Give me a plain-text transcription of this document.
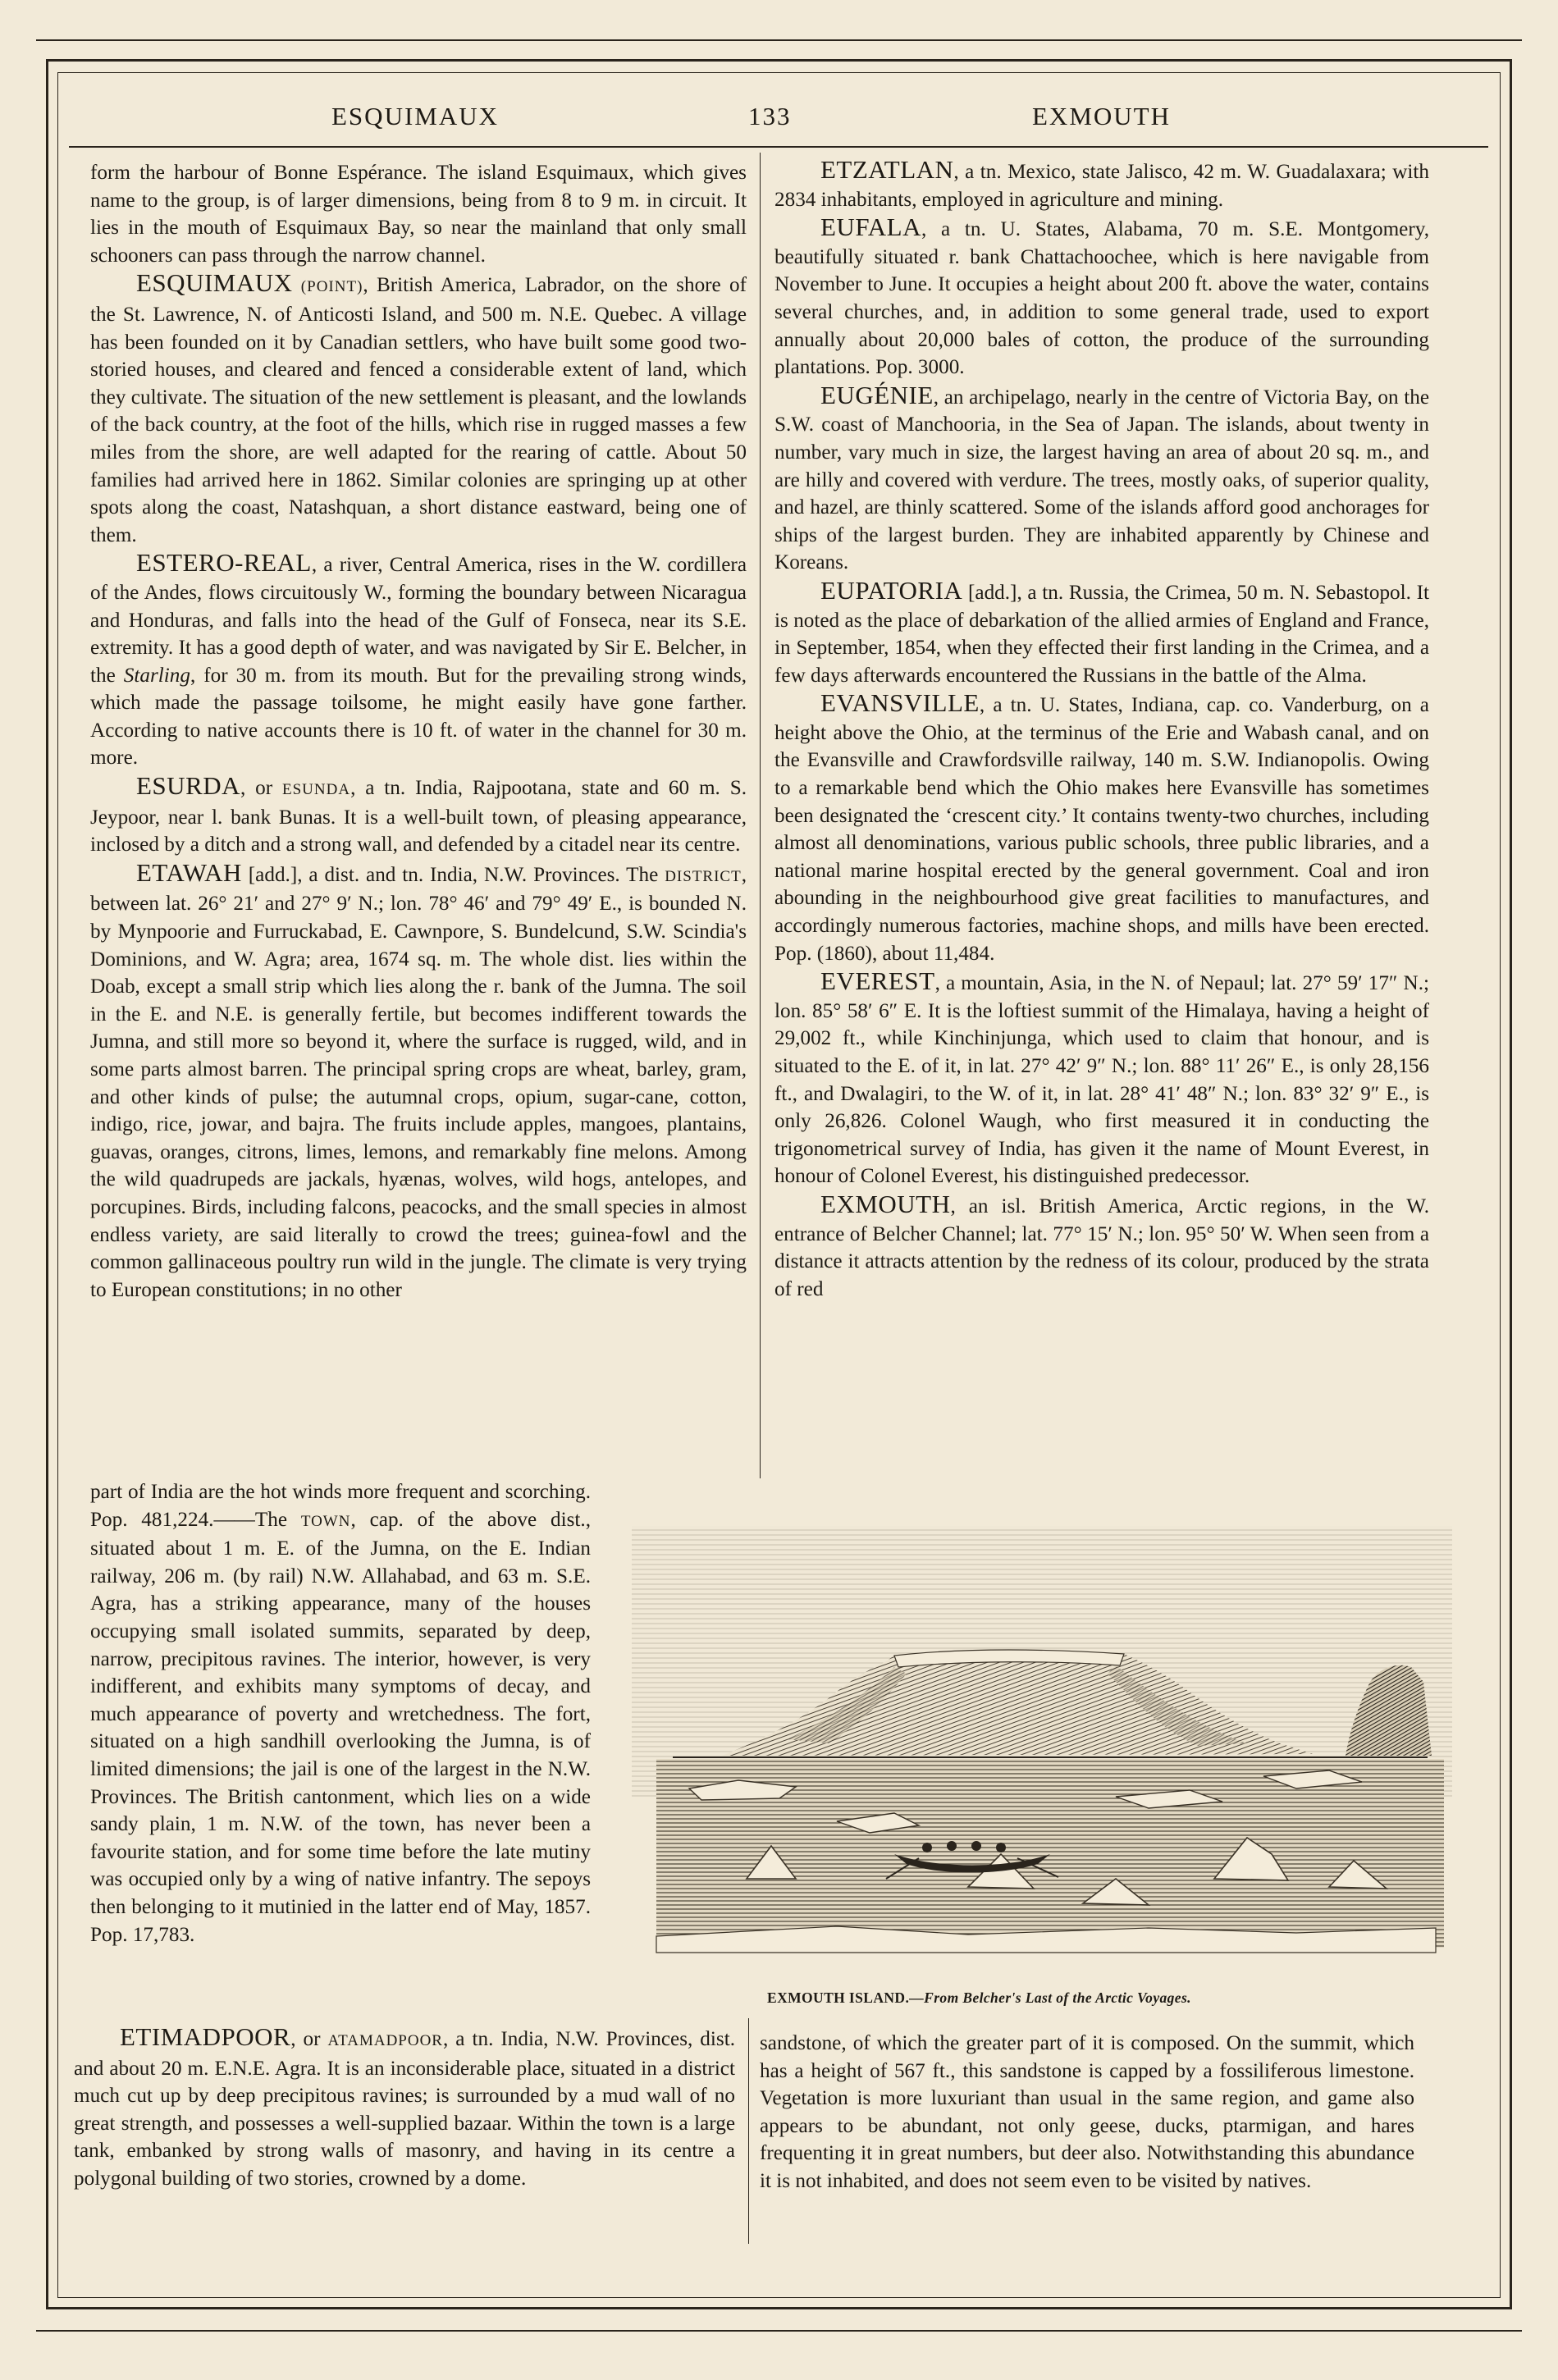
ESQUIMAUX	133	EXMOUTH

form the harbour of Bonne Espérance. The island Esquimaux, which gives name to the group, is of larger dimensions, being from 8 to 9 m. in circuit. It lies in the mouth of Esquimaux Bay, so near the mainland that only small schooners can pass through the narrow channel.

ESQUIMAUX (POINT), British America, Labrador, on the shore of the St. Lawrence, N. of Anticosti Island, and 500 m. N.E. Quebec. A village has been founded on it by Canadian settlers, who have built some good two-storied houses, and cleared and fenced a considerable extent of land, which they cultivate. The situation of the new settlement is pleasant, and the lowlands of the back country, at the foot of the hills, which rise in rugged masses a few miles from the shore, are well adapted for the rearing of cattle. About 50 families had arrived here in 1862. Similar colonies are springing up at other spots along the coast, Natashquan, a short distance eastward, being one of them.

ESTERO-REAL, a river, Central America, rises in the W. cordillera of the Andes, flows circuitously W., forming the boundary between Nicaragua and Honduras, and falls into the head of the Gulf of Fonseca, near its S.E. extremity. It has a good depth of water, and was navigated by Sir E. Belcher, in the Starling, for 30 m. from its mouth. But for the prevailing strong winds, which made the passage toilsome, he might easily have gone farther. According to native accounts there is 10 ft. of water in the channel for 30 m. more.

ESURDA, or ESUNDA, a tn. India, Rajpootana, state and 60 m. S. Jeypoor, near l. bank Bunas. It is a well-built town, of pleasing appearance, inclosed by a ditch and a strong wall, and defended by a citadel near its centre.

ETAWAH [add.], a dist. and tn. India, N.W. Provinces. The DISTRICT, between lat. 26° 21′ and 27° 9′ N.; lon. 78° 46′ and 79° 49′ E., is bounded N. by Mynpoorie and Furruckabad, E. Cawnpore, S. Bundelcund, S.W. Scindia's Dominions, and W. Agra; area, 1674 sq. m. The whole dist. lies within the Doab, except a small strip which lies along the r. bank of the Jumna. The soil in the E. and N.E. is generally fertile, but becomes indifferent towards the Jumna, and still more so beyond it, where the surface is rugged, wild, and in some parts almost barren. The principal spring crops are wheat, barley, gram, and other kinds of pulse; the autumnal crops, opium, sugar-cane, cotton, indigo, rice, jowar, and bajra. The fruits include apples, mangoes, plantains, guavas, oranges, citrons, limes, lemons, and remarkably fine melons. Among the wild quadrupeds are jackals, hyænas, wolves, wild hogs, antelopes, and porcupines. Birds, including falcons, peacocks, and the small species in almost endless variety, are said literally to crowd the trees; guinea-fowl and the common gallinaceous poultry run wild in the jungle. The climate is very trying to European constitutions; in no other

part of India are the hot winds more frequent and scorching. Pop. 481,224.——The TOWN, cap. of the above dist., situated about 1 m. E. of the Jumna, on the E. Indian railway, 206 m. (by rail) N.W. Allahabad, and 63 m. S.E. Agra, has a striking appearance, many of the houses occupying small isolated summits, separated by deep, narrow, precipitous ravines. The interior, however, is very indifferent, and exhibits many symptoms of decay, and much appearance of poverty and wretchedness. The fort, situated on a high sandhill overlooking the Jumna, is of limited dimensions; the jail is one of the largest in the N.W. Provinces. The British cantonment, which lies on a wide sandy plain, 1 m. N.W. of the town, has never been a favourite station, and for some time before the late mutiny was occupied only by a wing of native infantry. The sepoys then belonging to it mutinied in the latter end of May, 1857. Pop. 17,783.

ETIMADPOOR, or ATAMADPOOR, a tn. India, N.W. Provinces, dist. and about 20 m. E.N.E. Agra. It is an inconsiderable place, situated in a district much cut up by deep precipitous ravines; is surrounded by a mud wall of no great strength, and possesses a well-supplied bazaar. Within the town is a large tank, embanked by strong walls of masonry, and having in its centre a polygonal building of two stories, crowned by a dome.

ETZATLAN, a tn. Mexico, state Jalisco, 42 m. W. Guadalaxara; with 2834 inhabitants, employed in agriculture and mining.

EUFALA, a tn. U. States, Alabama, 70 m. S.E. Montgomery, beautifully situated r. bank Chattachoochee, which is here navigable from November to June. It occupies a height about 200 ft. above the water, contains several churches, and, in addition to some general trade, used to export annually about 20,000 bales of cotton, the produce of the surrounding plantations. Pop. 3000.

EUGÉNIE, an archipelago, nearly in the centre of Victoria Bay, on the S.W. coast of Manchooria, in the Sea of Japan. The islands, about twenty in number, vary much in size, the largest having an area of about 20 sq. m., and are hilly and covered with verdure. The trees, mostly oaks, of superior quality, and hazel, are thinly scattered. Some of the islands afford good anchorages for ships of the largest burden. They are inhabited apparently by Chinese and Koreans.

EUPATORIA [add.], a tn. Russia, the Crimea, 50 m. N. Sebastopol. It is noted as the place of debarkation of the allied armies of England and France, in September, 1854, when they effected their first landing in the Crimea, and a few days afterwards encountered the Russians in the battle of the Alma.

EVANSVILLE, a tn. U. States, Indiana, cap. co. Vanderburg, on a height above the Ohio, at the terminus of the Erie and Wabash canal, and on the Evansville and Crawfordsville railway, 140 m. S.W. Indianopolis. Owing to a remarkable bend which the Ohio makes here Evansville has sometimes been designated the ‘crescent city.’ It contains twenty-two churches, including almost all denominations, various public schools, three public libraries, and a national marine hospital erected by the general government. Coal and iron abounding in the neighbourhood give great facilities to manufactures, and accordingly numerous factories, machine shops, and mills have been erected. Pop. (1860), about 11,484.

EVEREST, a mountain, Asia, in the N. of Nepaul; lat. 27° 59′ 17″ N.; lon. 85° 58′ 6″ E. It is the loftiest summit of the Himalaya, having a height of 29,002 ft., while Kinchinjunga, which used to claim that honour, and is situated to the E. of it, in lat. 27° 42′ 9″ N.; lon. 88° 11′ 26″ E., is only 28,156 ft., and Dwalagiri, to the W. of it, in lat. 28° 41′ 48″ N.; lon. 83° 32′ 9″ E., is only 26,826. Colonel Waugh, who first measured it in conducting the trigonometrical survey of India, has given it the name of Mount Everest, in honour of Colonel Everest, his distinguished predecessor.

EXMOUTH, an isl. British America, Arctic regions, in the W. entrance of Belcher Channel; lat. 77° 15′ N.; lon. 95° 50′ W. When seen from a distance it attracts attention by the redness of its colour, produced by the strata of red

EXMOUTH ISLAND.—From Belcher's Last of the Arctic Voyages.

sandstone, of which the greater part of it is composed. On the summit, which has a height of 567 ft., this sandstone is capped by a fossiliferous limestone. Vegetation is more luxuriant than usual in the same region, and game also appears to be abundant, not only geese, ducks, ptarmigan, and hares frequenting it in great numbers, but deer also. Notwithstanding this abundance it is not inhabited, and does not seem even to be visited by natives.
